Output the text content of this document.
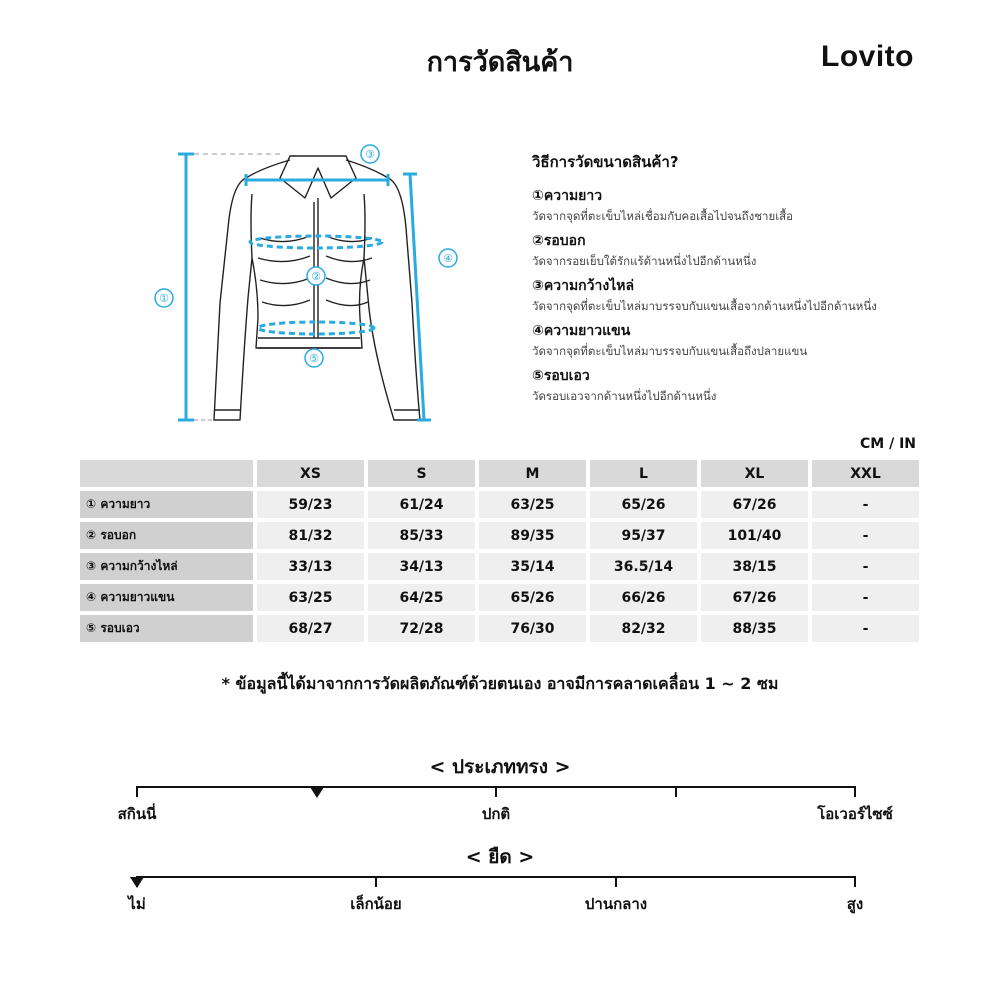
การวัดสินค้า	Lovito
①
②
③
④
⑤
วิธีการวัดขนาดสินค้า?
①ความยาว
วัดจากจุดที่ตะเข็บไหล่เชื่อมกับคอเสื้อไปจนถึงชายเสื้อ
②รอบอก
วัดจากรอยเย็บใต้รักแร้ด้านหนึ่งไปอีกด้านหนึ่ง
③ความกว้างไหล่
วัดจากจุดที่ตะเข็บไหล่มาบรรจบกับแขนเสื้อจากด้านหนึ่งไปอีกด้านหนึ่ง
④ความยาวแขน
วัดจากจุดที่ตะเข็บไหล่มาบรรจบกับแขนเสื้อถึงปลายแขน
⑤รอบเอว
วัดรอบเอวจากด้านหนึ่งไปอีกด้านหนึ่ง
CM / IN
	XS	S	M	L	XL	XXL
① ความยาว	59/23	61/24	63/25	65/26	67/26	-
② รอบอก	81/32	85/33	89/35	95/37	101/40	-
③ ความกว้างไหล่	33/13	34/13	35/14	36.5/14	38/15	-
④ ความยาวแขน	63/25	64/25	65/26	66/26	67/26	-
⑤ รอบเอว	68/27	72/28	76/30	82/32	88/35	-
* ข้อมูลนี้ได้มาจากการวัดผลิตภัณฑ์ด้วยตนเอง อาจมีการคลาดเคลื่อน 1 ~ 2 ซม
< ประเภททรง >
สกินนี่	ปกติ	โอเวอร์ไซซ์
< ยืด >
ไม่	เล็กน้อย	ปานกลาง	สูง
